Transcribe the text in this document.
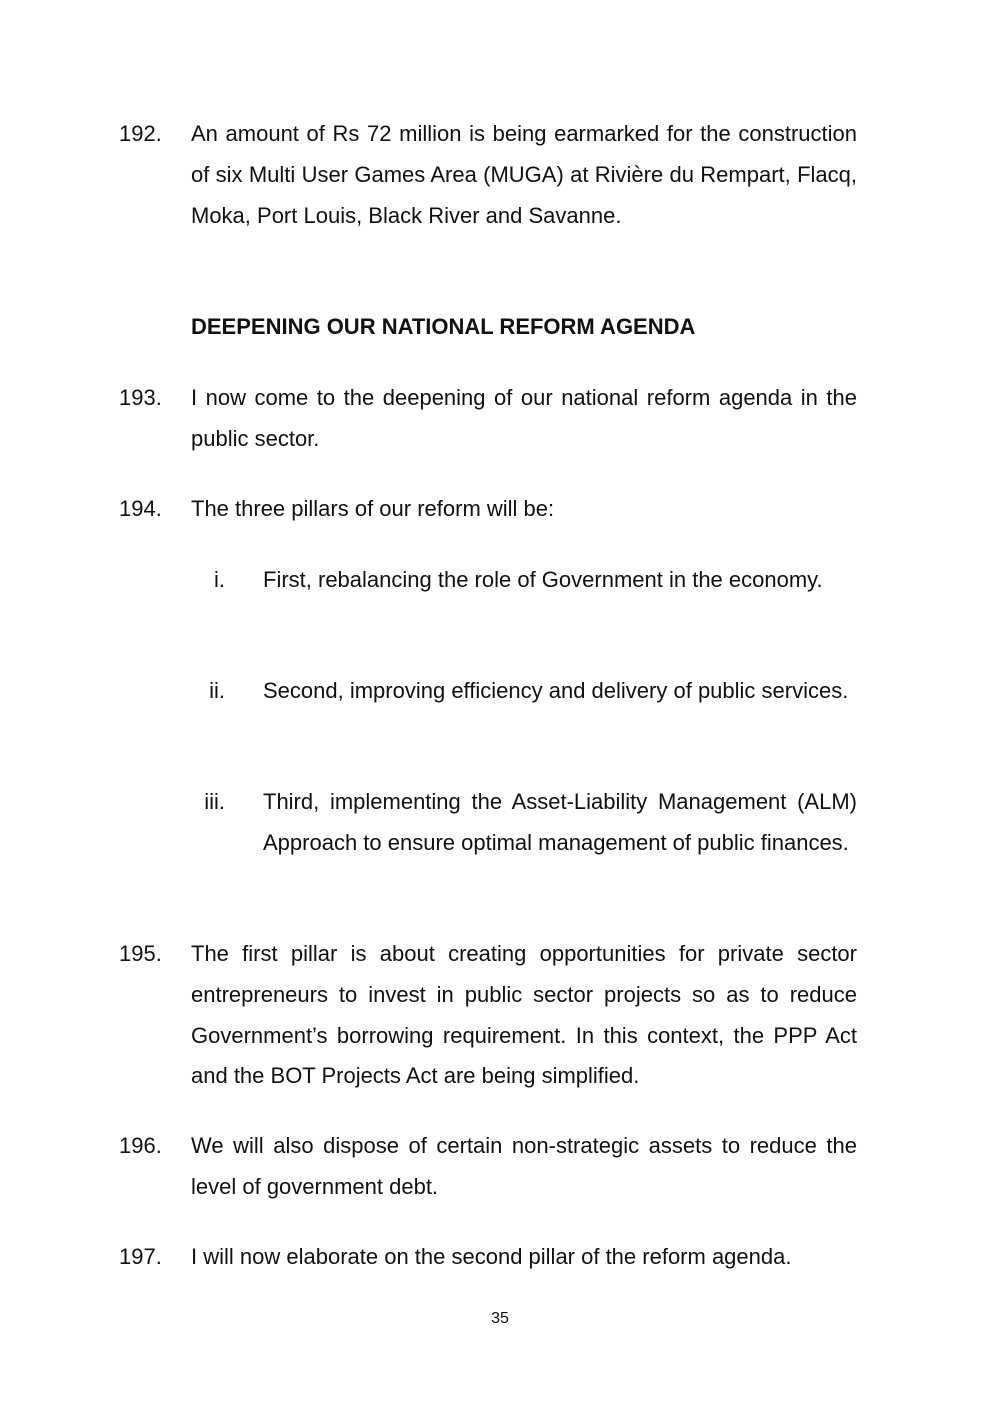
192. An amount of Rs 72 million is being earmarked for the construction of six Multi User Games Area (MUGA) at Rivière du Rempart, Flacq, Moka, Port Louis, Black River and Savanne.
DEEPENING OUR NATIONAL REFORM AGENDA
193. I now come to the deepening of our national reform agenda in the public sector.
194. The three pillars of our reform will be:
i. First, rebalancing the role of Government in the economy.
ii. Second, improving efficiency and delivery of public services.
iii. Third, implementing the Asset-Liability Management (ALM) Approach to ensure optimal management of public finances.
195. The first pillar is about creating opportunities for private sector entrepreneurs to invest in public sector projects so as to reduce Government’s borrowing requirement. In this context, the PPP Act and the BOT Projects Act are being simplified.
196. We will also dispose of certain non-strategic assets to reduce the level of government debt.
197. I will now elaborate on the second pillar of the reform agenda.
35
